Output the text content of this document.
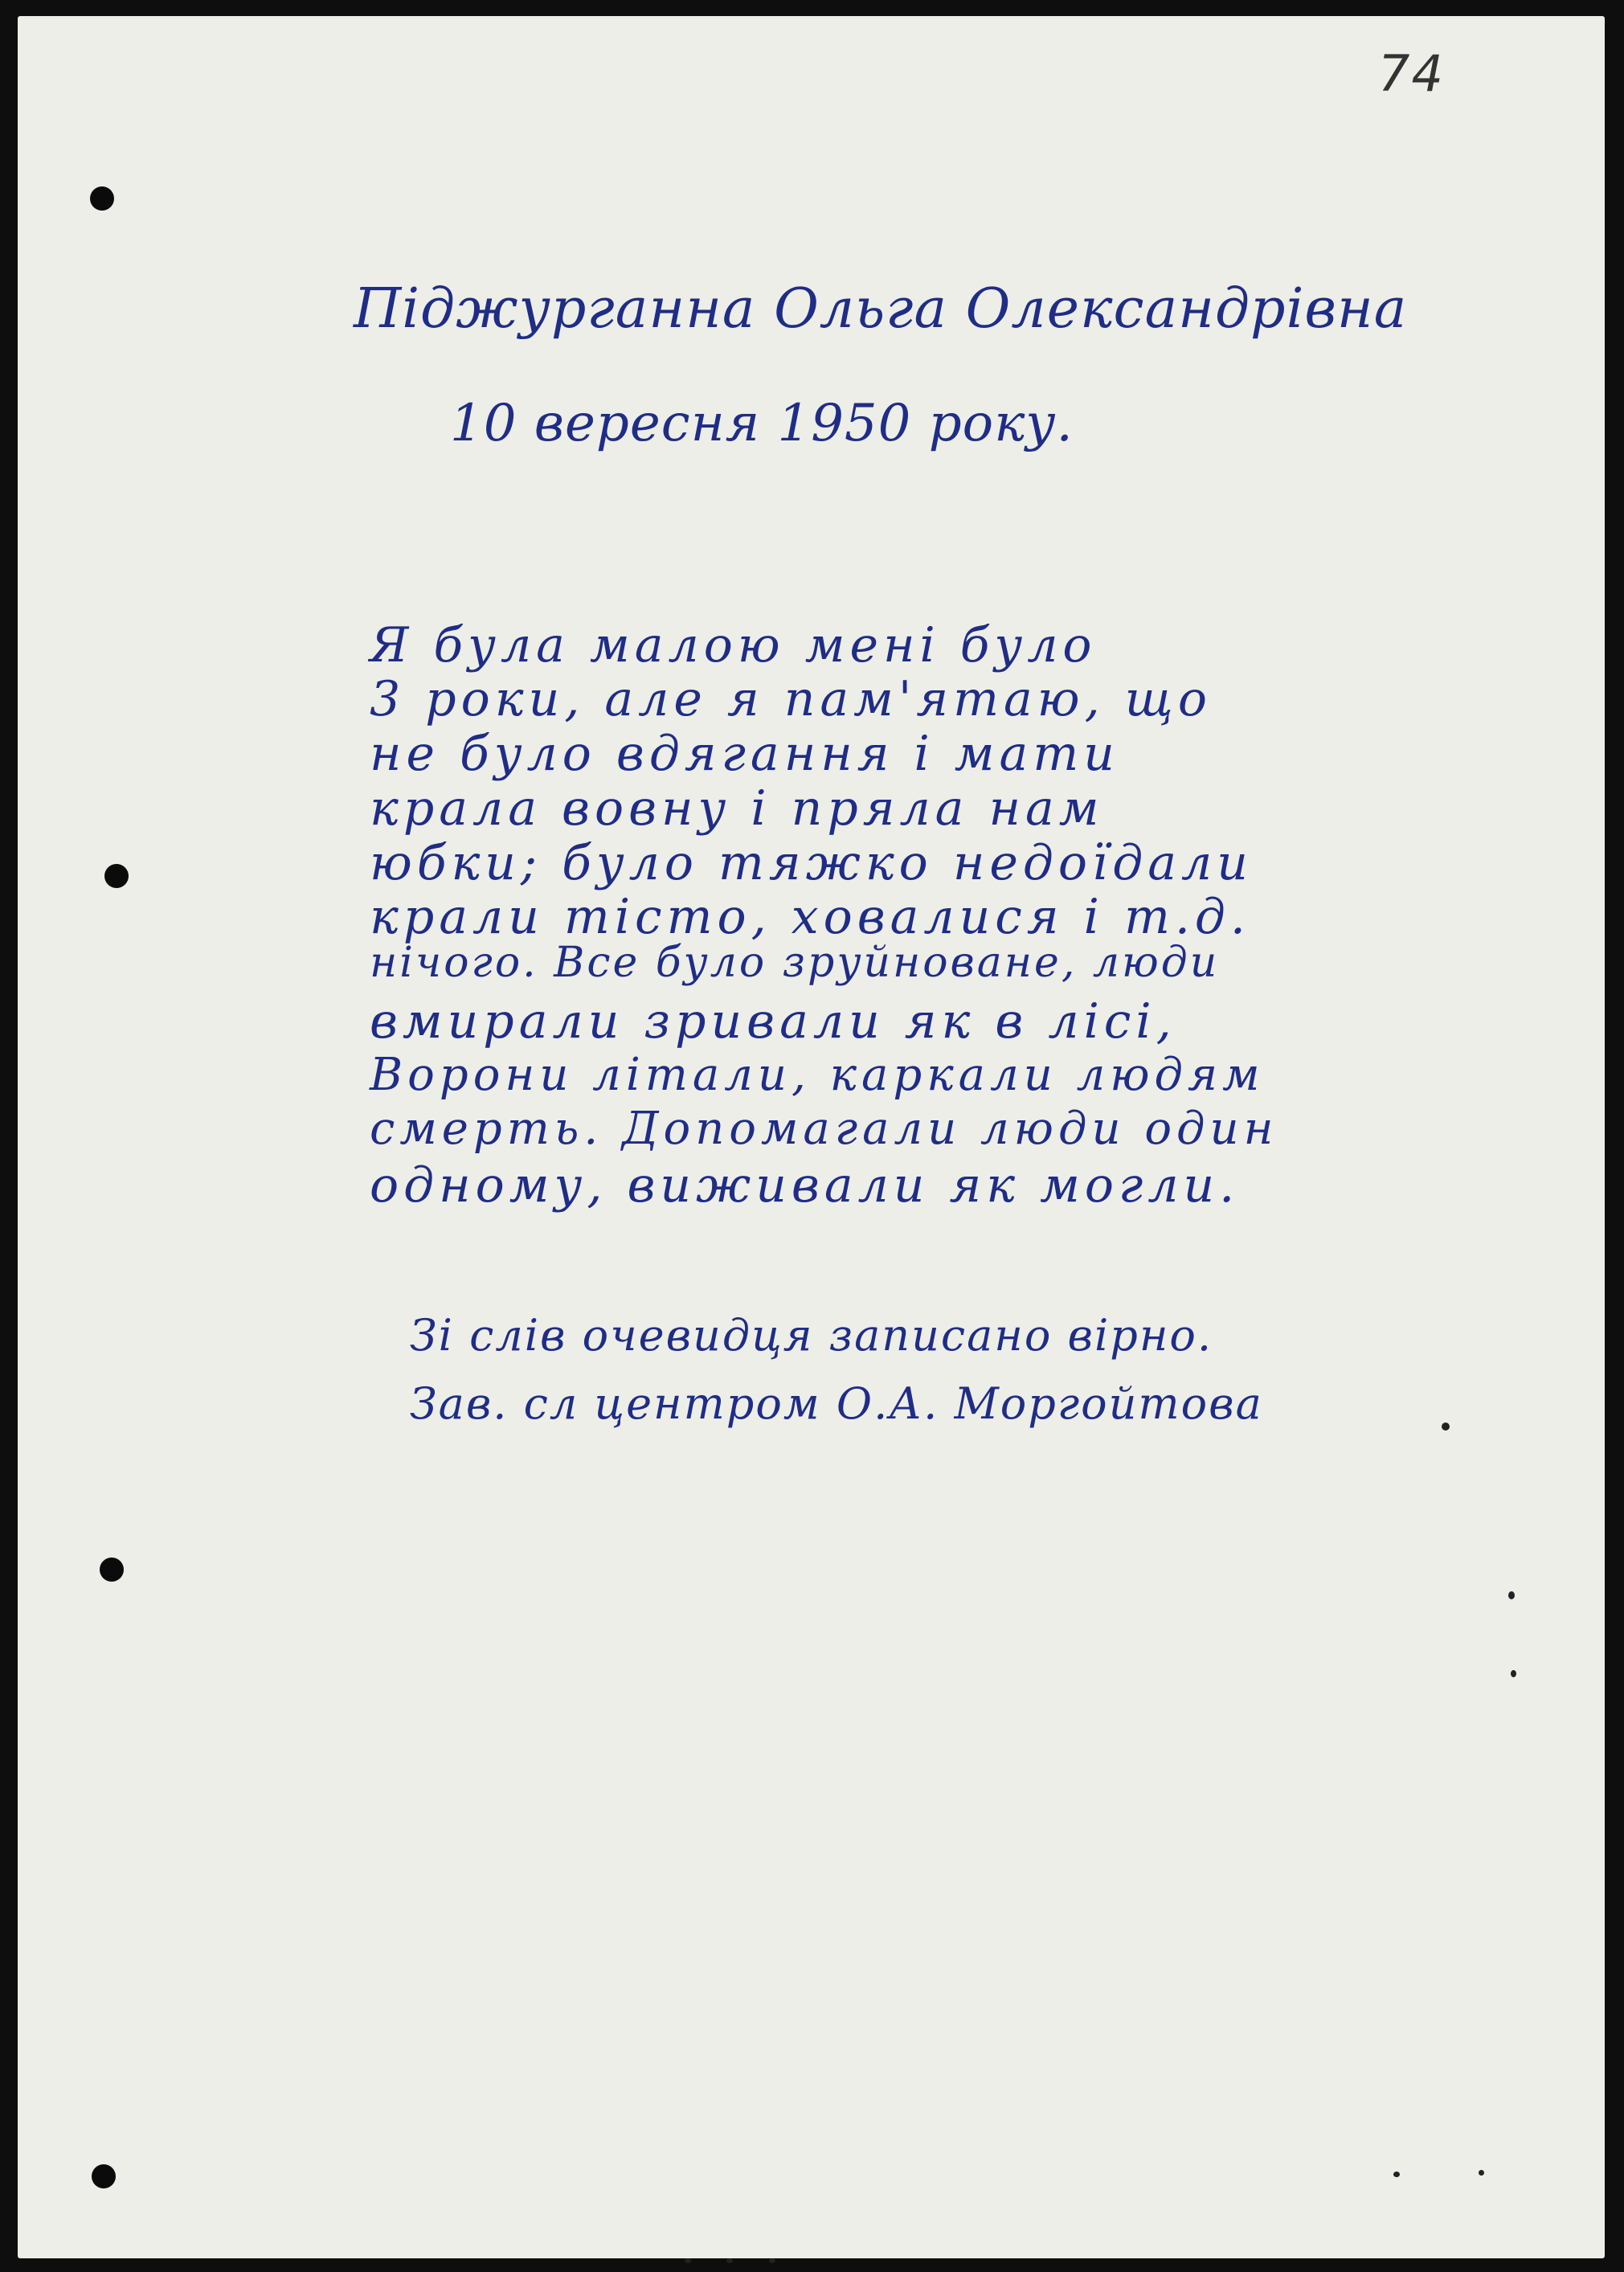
74
Піджурганна Ольга Олександрівна
10 вересня 1950 року.
Я була малою мені було
3 роки, але я пам'ятаю, що
не було вдягання і мати
крала вовну і пряла нам
юбки; було тяжко недоїдали
крали тісто, ховалися і т.д.
нічого. Все було зруйноване, люди
вмирали зривали як в лісі,
Ворони літали, каркали людям
смерть. Допомагали люди один
одному, виживали як могли.
Зі слів очевидця записано вірно.
Зав. сл центром О.А. Моргойтова
